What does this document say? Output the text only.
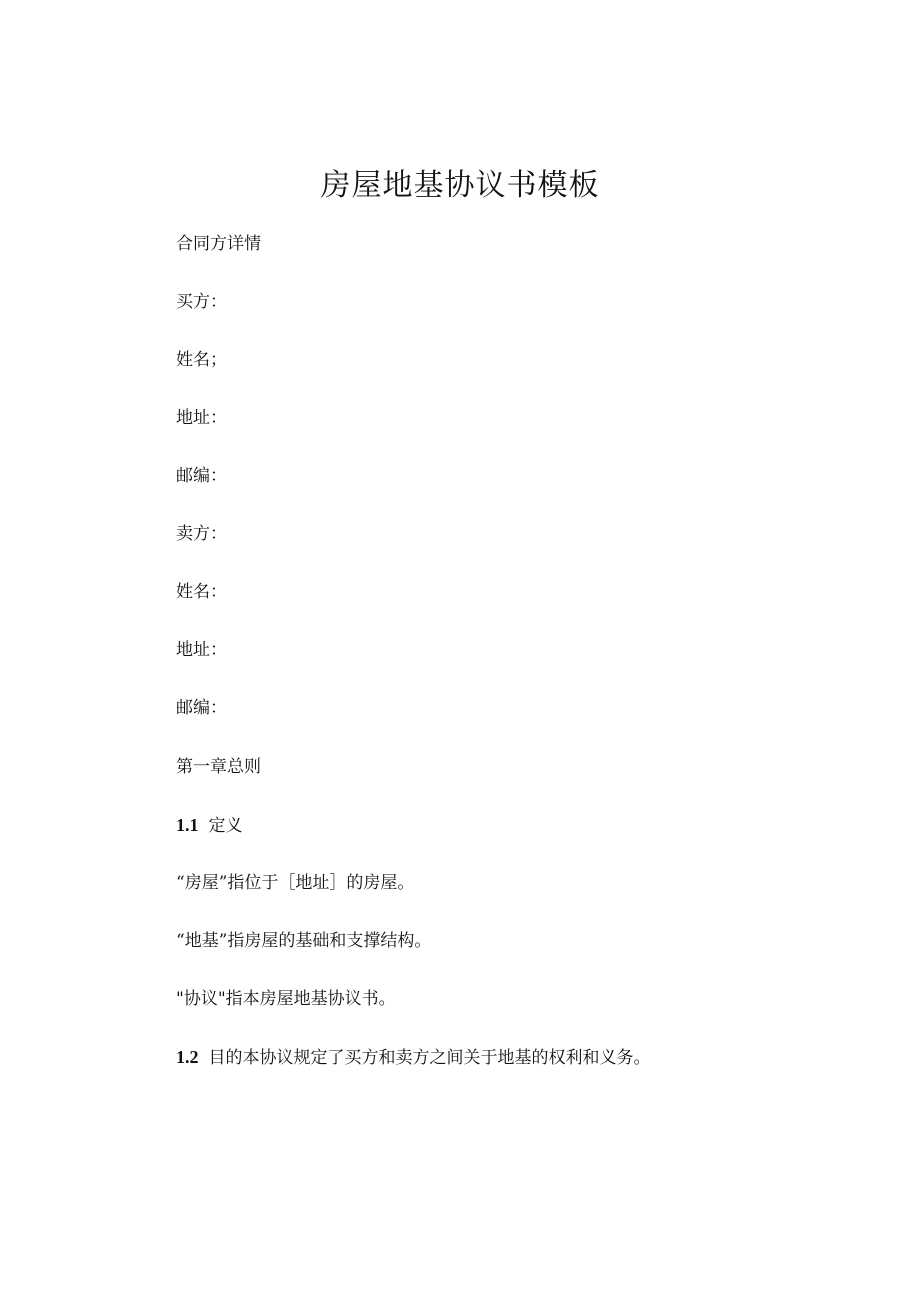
房屋地基协议书模板
合同方详情
买方：
姓名；
地址：
邮编：
卖方：
姓名：
地址：
邮编：
第一章总则
1.1 定义
“房屋”指位于［地址］的房屋。
“地基”指房屋的基础和支撑结构。
"协议"指本房屋地基协议书。
1.2 目的本协议规定了买方和卖方之间关于地基的权利和义务。
